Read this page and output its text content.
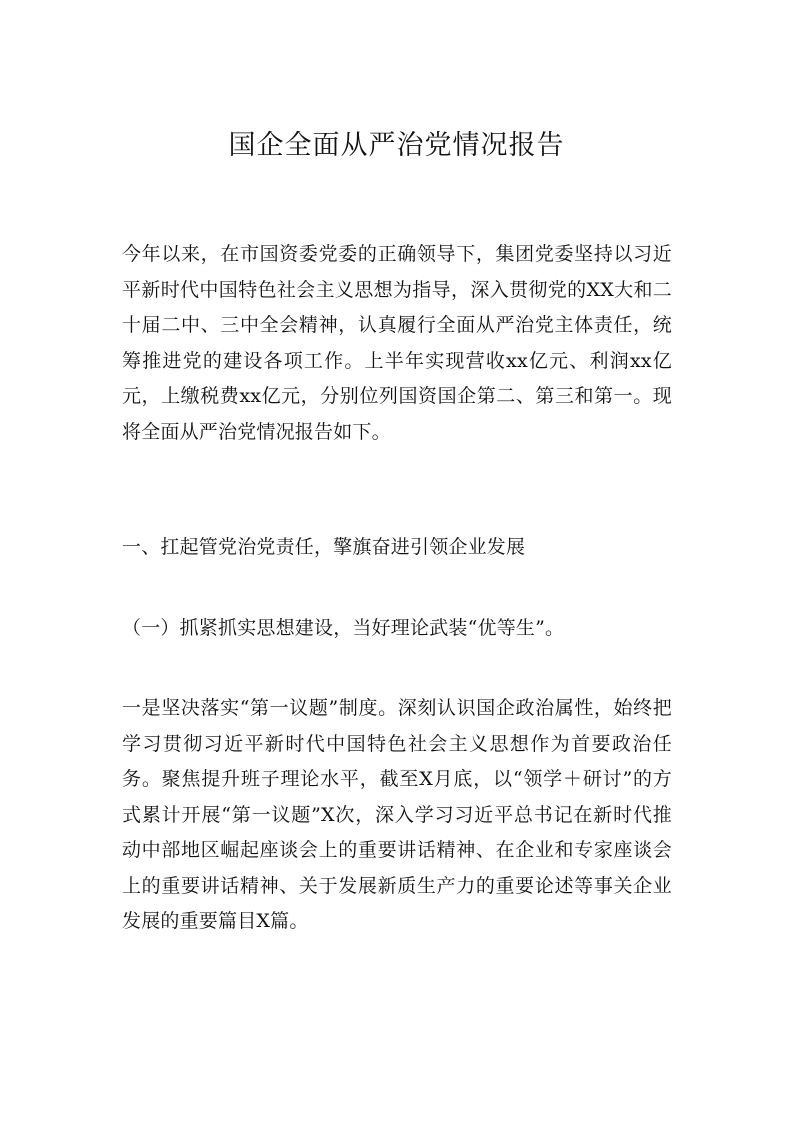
国企全面从严治党情况报告

今年以来，在市国资委党委的正确领导下，集团党委坚持以习近平新时代中国特色社会主义思想为指导，深入贯彻党的XX大和二十届二中、三中全会精神，认真履行全面从严治党主体责任，统筹推进党的建设各项工作。上半年实现营收xx亿元、利润xx亿元，上缴税费xx亿元，分别位列国资国企第二、第三和第一。现将全面从严治党情况报告如下。

一、扛起管党治党责任，擎旗奋进引领企业发展

（一）抓紧抓实思想建设，当好理论武装“优等生”。

一是坚决落实“第一议题”制度。深刻认识国企政治属性，始终把学习贯彻习近平新时代中国特色社会主义思想作为首要政治任务。聚焦提升班子理论水平，截至X月底，以“领学＋研讨”的方式累计开展“第一议题”X次，深入学习习近平总书记在新时代推动中部地区崛起座谈会上的重要讲话精神、在企业和专家座谈会上的重要讲话精神、关于发展新质生产力的重要论述等事关企业发展的重要篇目X篇。
